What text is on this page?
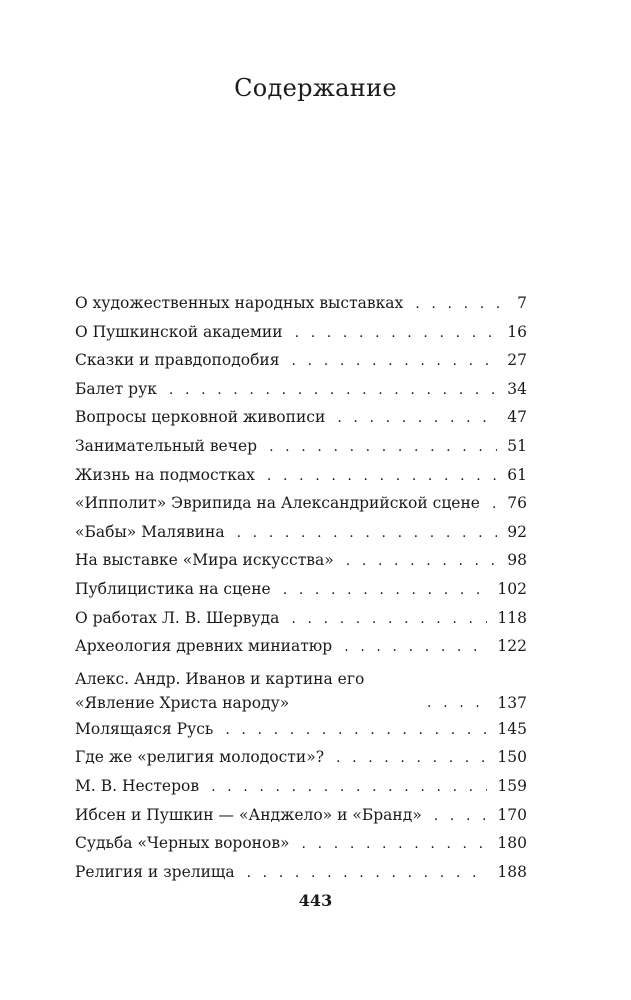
Содержание
О художественных народных выставках . . .	7
О Пушкинской академии . . .	16
Сказки и правдоподобия . . .	27
Балет рук . . .	34
Вопросы церковной живописи . . .	47
Занимательный вечер . . .	51
Жизнь на подмостках . . .	61
«Ипполит» Эврипида на Александрийской сцене . . . 76
«Бабы» Малявина . . .	92
На выставке «Мира искусства» . . .	98
Публицистика на сцене . . .	102
О работах Л. В. Шервуда . . .	118
Археология древних миниатюр . . .	122
Алекс. Андр. Иванов и картина его
«Явление Христа народу» . . .	137
Молящаяся Русь . . .	145
Где же «религия молодости»? . . .	150
М. В. Нестеров . . .	159
Ибсен и Пушкин — «Анджело» и «Бранд» . . .	170
Судьба «Черных воронов» . . .	180
Религия и зрелища . . .	188
443
